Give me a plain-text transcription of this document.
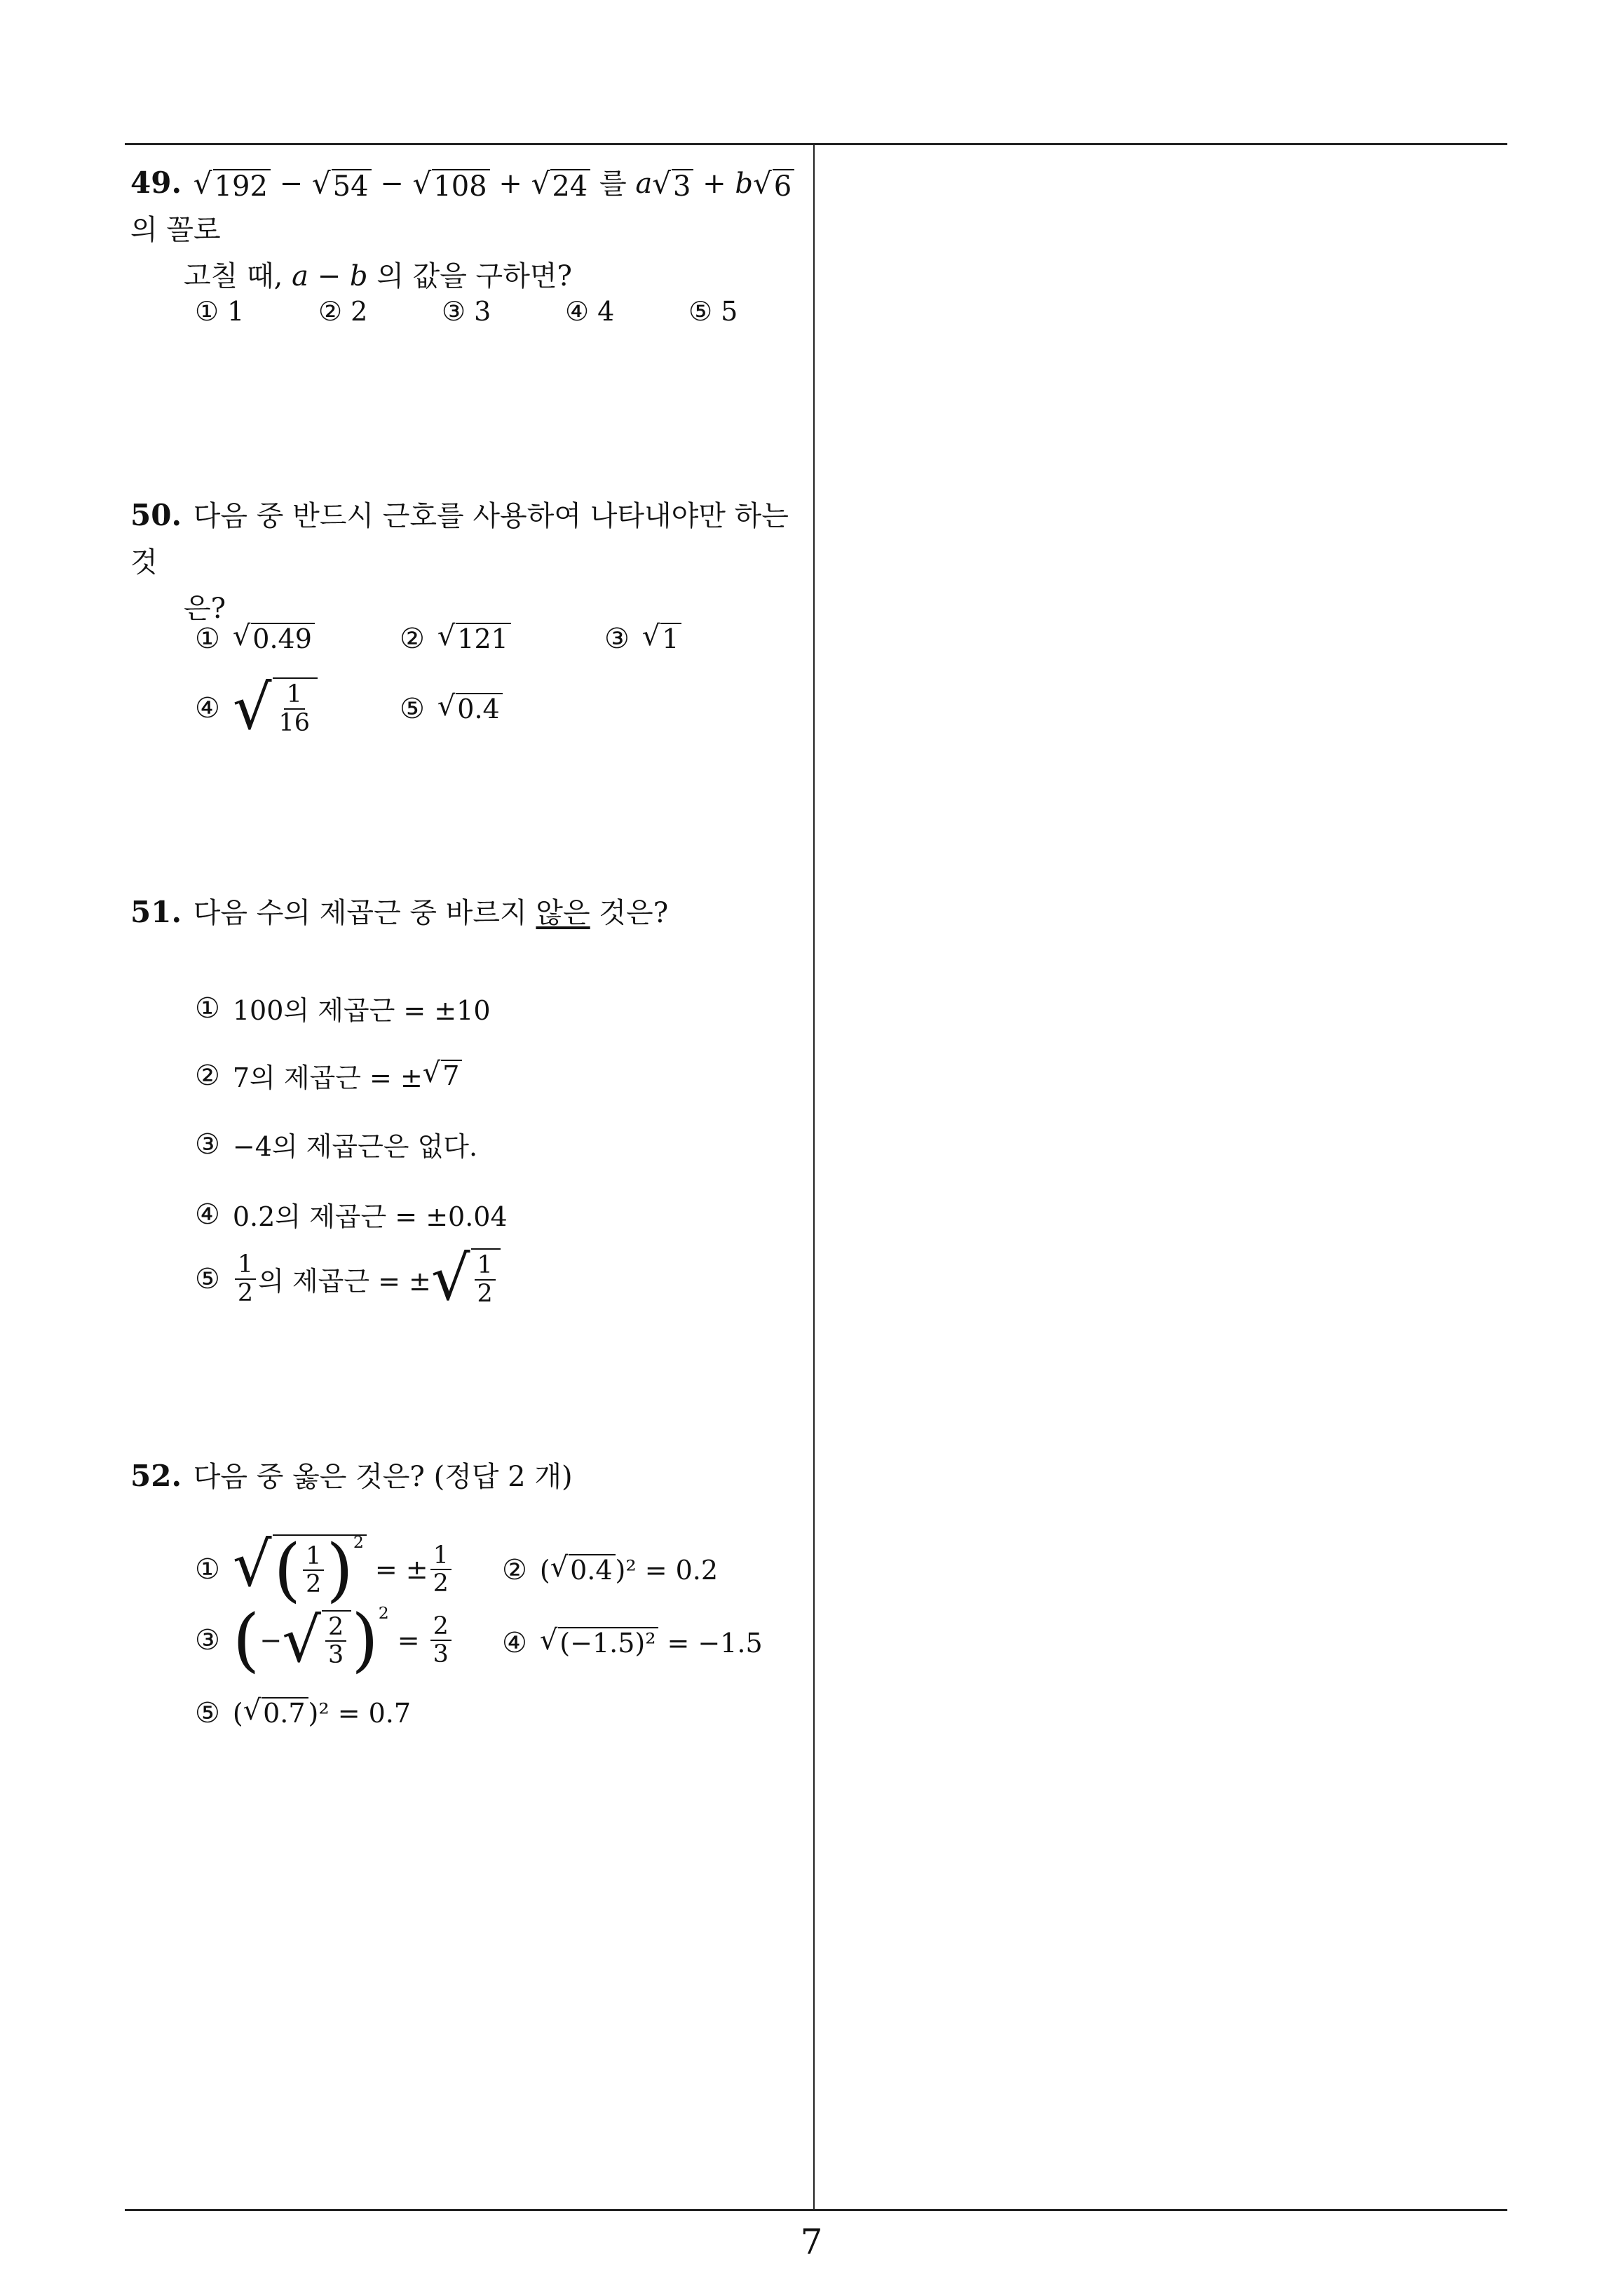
7
49. √ 192 − √ 54 − √ 108 + √ 24 를 a √ 3 + b √ 6
의 꼴로
고칠 때, a − b 의 값을 구하면?
① 1	② 2	③ 3	④ 4	⑤ 5
50. 다음 중 반드시 근호를 사용하여 나타내야만 하는 것
은?
① √ 0.49	② √ 121	③ √ 1
④ √ $\frac{1}{16}$	⑤ √ 0.4
51. 다음 수의 제곱근 중 바르지 않은 것은?
① 100의 제곱근 = ±10
② 7의 제곱근 = ± √ 7
③ −4의 제곱근은 없다.
④ 0.2의 제곱근 = ±0.04
⑤ $\frac{1}{2}$ 의 제곱근 = ± √ $\frac{1}{2}$
52. 다음 중 옳은 것은? (정답 2 개)
① √ ( $\frac{1}{2}$ ) 2
= ± $\frac{1}{2}$ ② ( √ 0.4 ) ² = 0.2
③ ( − √ $\frac{2}{3}$ ) 2
= $\frac{2}{3}$ ④ √ (−1.5)² = −1.5
⑤ ( √ 0.7 ) ² = 0.7
